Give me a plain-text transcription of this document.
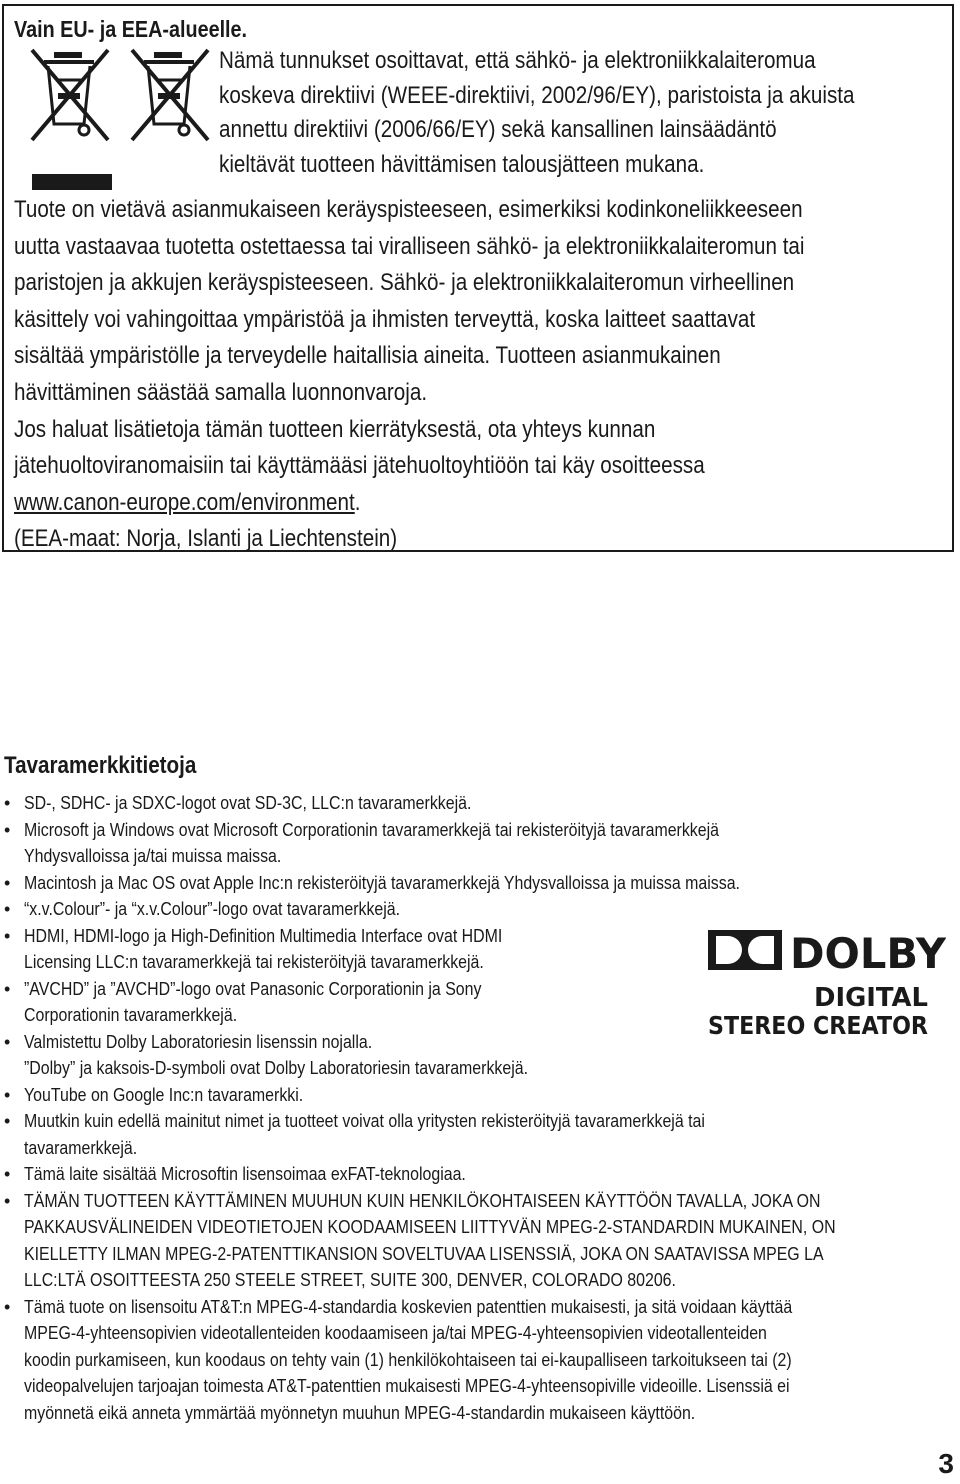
Vain EU- ja EEA-alueelle.
Nämä tunnukset osoittavat, että sähkö- ja elektroniikkalaiteromua
koskeva direktiivi (WEEE-direktiivi, 2002/96/EY), paristoista ja akuista
annettu direktiivi (2006/66/EY) sekä kansallinen lainsäädäntö
kieltävät tuotteen hävittämisen talousjätteen mukana.
Tuote on vietävä asianmukaiseen keräyspisteeseen, esimerkiksi kodinkoneliikkeeseen
uutta vastaavaa tuotetta ostettaessa tai viralliseen sähkö- ja elektroniikkalaiteromun tai
paristojen ja akkujen keräyspisteeseen. Sähkö- ja elektroniikkalaiteromun virheellinen
käsittely voi vahingoittaa ympäristöä ja ihmisten terveyttä, koska laitteet saattavat
sisältää ympäristölle ja terveydelle haitallisia aineita. Tuotteen asianmukainen
hävittäminen säästää samalla luonnonvaroja.
Jos haluat lisätietoja tämän tuotteen kierrätyksestä, ota yhteys kunnan
jätehuoltoviranomaisiin tai käyttämääsi jätehuoltoyhtiöön tai käy osoitteessa
www.canon-europe.com/environment.
(EEA-maat: Norja, Islanti ja Liechtenstein)
Tavaramerkkitietoja
• SD-, SDHC- ja SDXC-logot ovat SD-3C, LLC:n tavaramerkkejä.
• Microsoft ja Windows ovat Microsoft Corporationin tavaramerkkejä tai rekisteröityjä tavaramerkkejä
Yhdysvalloissa ja/tai muissa maissa.
• Macintosh ja Mac OS ovat Apple Inc:n rekisteröityjä tavaramerkkejä Yhdysvalloissa ja muissa maissa.
• “x.v.Colour”- ja “x.v.Colour”-logo ovat tavaramerkkejä.
• HDMI, HDMI-logo ja High-Definition Multimedia Interface ovat HDMI
Licensing LLC:n tavaramerkkejä tai rekisteröityjä tavaramerkkejä.
• ”AVCHD” ja ”AVCHD”-logo ovat Panasonic Corporationin ja Sony
Corporationin tavaramerkkejä.
• Valmistettu Dolby Laboratoriesin lisenssin nojalla.
”Dolby” ja kaksois-D-symboli ovat Dolby Laboratoriesin tavaramerkkejä.
• YouTube on Google Inc:n tavaramerkki.
• Muutkin kuin edellä mainitut nimet ja tuotteet voivat olla yritysten rekisteröityjä tavaramerkkejä tai
tavaramerkkejä.
• Tämä laite sisältää Microsoftin lisensoimaa exFAT-teknologiaa.
• TÄMÄN TUOTTEEN KÄYTTÄMINEN MUUHUN KUIN HENKILÖKOHTAISEEN KÄYTTÖÖN TAVALLA, JOKA ON
PAKKAUSVÄLINEIDEN VIDEOTIETOJEN KOODAAMISEEN LIITTYVÄN MPEG-2-STANDARDIN MUKAINEN, ON
KIELLETTY ILMAN MPEG-2-PATENTTIKANSION SOVELTUVAA LISENSSIÄ, JOKA ON SAATAVISSA MPEG LA
LLC:LTÄ OSOITTEESTA 250 STEELE STREET, SUITE 300, DENVER, COLORADO 80206.
• Tämä tuote on lisensoitu AT&T:n MPEG-4-standardia koskevien patenttien mukaisesti, ja sitä voidaan käyttää
MPEG-4-yhteensopivien videotallenteiden koodaamiseen ja/tai MPEG-4-yhteensopivien videotallenteiden
koodin purkamiseen, kun koodaus on tehty vain (1) henkilökohtaiseen tai ei-kaupalliseen tarkoitukseen tai (2)
videopalvelujen tarjoajan toimesta AT&T-patenttien mukaisesti MPEG-4-yhteensopiville videoille. Lisenssiä ei
myönnetä eikä anneta ymmärtää myönnetyn muuhun MPEG-4-standardin mukaiseen käyttöön.
DOLBY
DIGITAL
STEREO CREATOR
3
